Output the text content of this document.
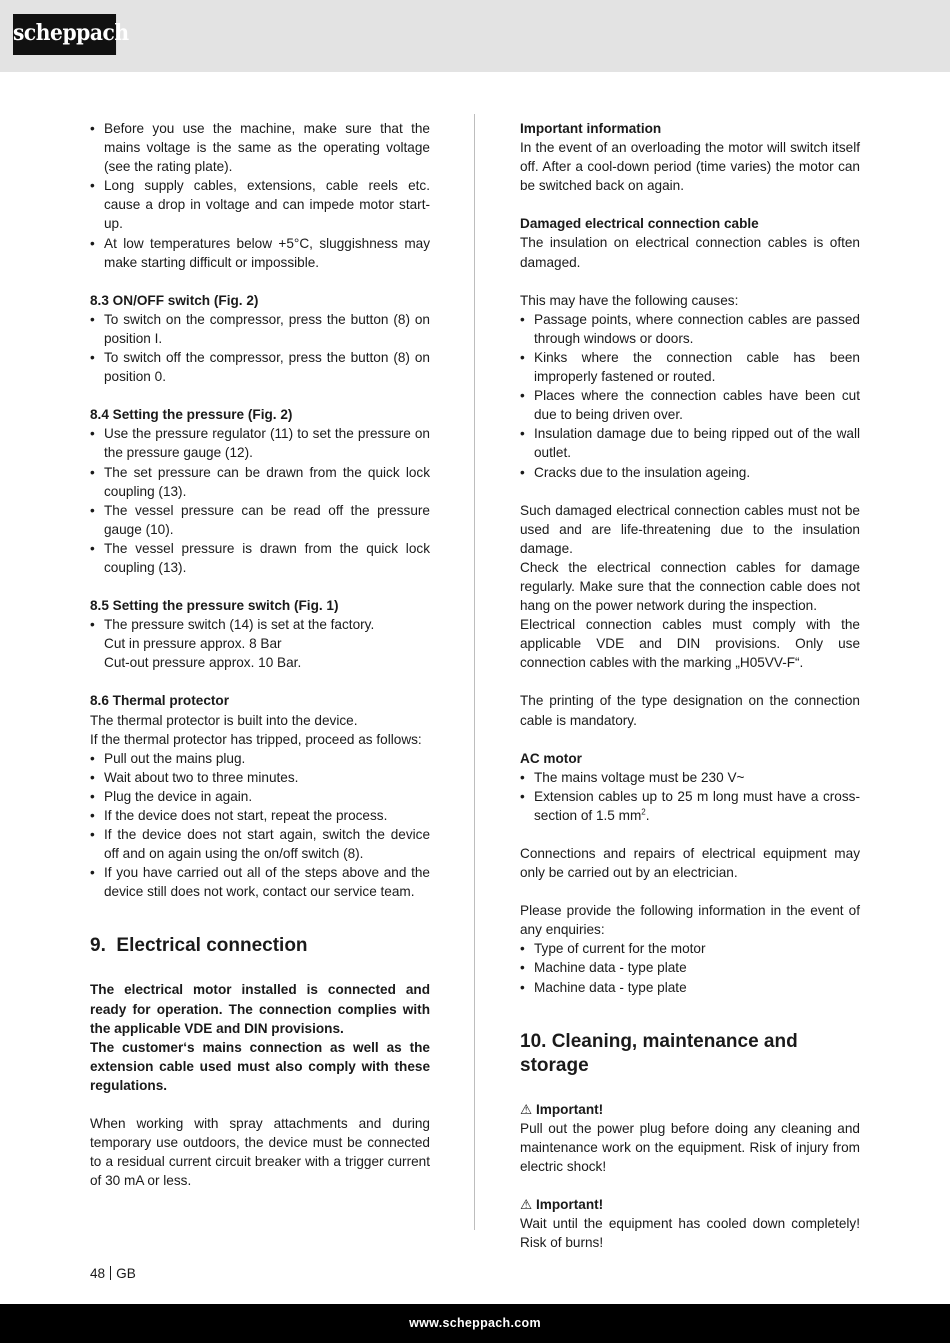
scheppach
• Before you use the machine, make sure that the mains voltage is the same as the operating voltage (see the rating plate).
• Long supply cables, extensions, cable reels etc. cause a drop in voltage and can impede motor start-up.
• At low temperatures below +5°C, sluggishness may make starting difficult or impossible.

8.3 ON/OFF switch (Fig. 2)

• To switch on the compressor, press the button (8) on position I.
• To switch off the compressor, press the button (8) on position 0.

8.4 Setting the pressure (Fig. 2)

• Use the pressure regulator (11) to set the pressure on the pressure gauge (12).
• The set pressure can be drawn from the quick lock coupling (13).
• The vessel pressure can be read off the pressure gauge (10).
• The vessel pressure is drawn from the quick lock coupling (13).

8.5 Setting the pressure switch (Fig. 1)

• The pressure switch (14) is set at the factory.
Cut in pressure approx. 8 Bar
Cut-out pressure approx. 10 Bar.

8.6 Thermal protector

The thermal protector is built into the device.

If the thermal protector has tripped, proceed as follows:

• Pull out the mains plug.
• Wait about two to three minutes.
• Plug the device in again.
• If the device does not start, repeat the process.
• If the device does not start again, switch the device off and on again using the on/off switch (8).
• If you have carried out all of the steps above and the device still does not work, contact our service team.
9. Electrical connection

The electrical motor installed is connected and ready for operation. The connection complies with the applicable VDE and DIN provisions.

The customer‘s mains connection as well as the extension cable used must also comply with these regulations.

When working with spray attachments and during temporary use outdoors, the device must be connected to a residual current circuit breaker with a trigger current of 30 mA or less.

Important information

In the event of an overloading the motor will switch itself off. After a cool-down period (time varies) the motor can be switched back on again.

Damaged electrical connection cable

The insulation on electrical connection cables is often damaged.

This may have the following causes:

• Passage points, where connection cables are passed through windows or doors.
• Kinks where the connection cable has been improperly fastened or routed.
• Places where the connection cables have been cut due to being driven over.
• Insulation damage due to being ripped out of the wall outlet.
• Cracks due to the insulation ageing.

Such damaged electrical connection cables must not be used and are life-threatening due to the insulation damage.

Check the electrical connection cables for damage regularly. Make sure that the connection cable does not hang on the power network during the inspection.

Electrical connection cables must comply with the applicable VDE and DIN provisions. Only use connection cables with the marking „H05VV-F“.

The printing of the type designation on the connection cable is mandatory.

AC motor

• The mains voltage must be 230 V~
• Extension cables up to 25 m long must have a cross-section of 1.5 $mm^2$.

Connections and repairs of electrical equipment may only be carried out by an electrician.

Please provide the following information in the event of any enquiries:

• Type of current for the motor
• Machine data - type plate
• Machine data - type plate
10. Cleaning, maintenance and storage

⚠ Important!

Pull out the power plug before doing any cleaning and maintenance work on the equipment. Risk of injury from electric shock!

⚠ Important!

Wait until the equipment has cooled down completely! Risk of burns!

48 GB
www.scheppach.com
